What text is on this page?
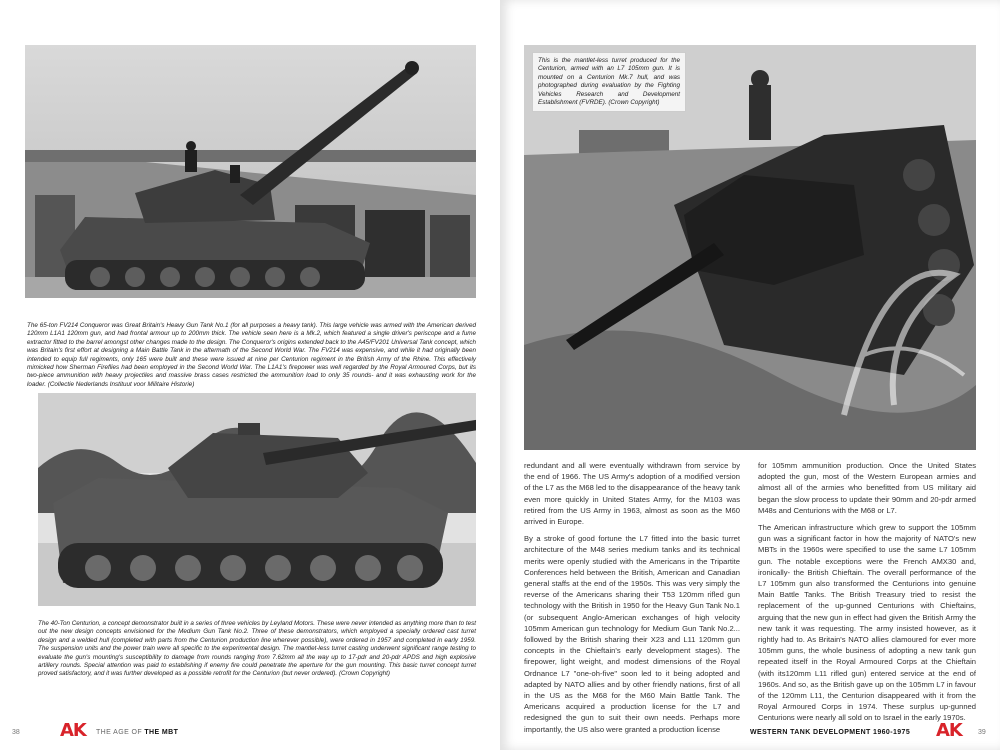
The 65-ton FV214 Conqueror was Great Britain's Heavy Gun Tank No.1 (for all purposes a heavy tank). This large vehicle was armed with the American derived 120mm L1A1 120mm gun, and had frontal armour up to 200mm thick. The vehicle seen here is a Mk.2, which featured a single driver's periscope and a fume extractor fitted to the barrel amongst other changes made to the design. The Conqueror's origins extended back to the A45/FV201 Universal Tank concept, which was Britain's first effort at designing a Main Battle Tank in the aftermath of the Second World War. The FV214 was expensive, and while it had originally been intended to equip full regiments, only 165 were built and these were issued at nine per Centurion regiment in the British Army of the Rhine. This effectively mimicked how Sherman Fireflies had been employed in the Second World War. The L1A1's firepower was well regarded by the Royal Armoured Corps, but its two-piece ammunition with heavy projectiles and massive brass cases restricted the ammunition load to only 35 rounds- and it was exhausting work for the loader. (Collectie Nederlands Instituut voor Militaire Historie)
The 40-Ton Centurion, a concept demonstrator built in a series of three vehicles by Leyland Motors. These were never intended as anything more than to test out the new design concepts envisioned for the Medium Gun Tank No.2. Three of these demonstrators, which employed a specially ordered cast turret design and a welded hull (completed with parts from the Centurion production line wherever possible), were ordered in 1957 and completed in early 1959. The suspension units and the power train were all specific to the experimental design. The mantlet-less turret casting underwent significant range testing to evaluate the gun's mounting's susceptibility to damage from rounds ranging from 7.62mm all the way up to 17-pdr and 20-pdr APDS and high explosive artillery rounds. Special attention was paid to establishing if enemy fire could penetrate the aperture for the gun mounting. This basic turret concept turret proved satisfactory, and it was further developed as a possible retrofit for the Centurion (but never ordered). (Crown Copyright)
38 AK THE AGE OF THE MBT
This is the mantlet-less turret produced for the Centurion, armed with an L7 105mm gun. It is mounted on a Centurion Mk.7 hull, and was photographed during evaluation by the Fighting Vehicles Research and Development Establishment (FVRDE). (Crown Copyright)

redundant and all were eventually withdrawn from service by the end of 1966. The US Army's adoption of a modified version of the L7 as the M68 led to the disappearance of the heavy tank even more quickly in United States Army, for the M103 was retired from the US Army in 1963, almost as soon as the M60 arrived in Europe.

By a stroke of good fortune the L7 fitted into the basic turret architecture of the M48 series medium tanks and its technical merits were openly studied with the Americans in the Tripartite Conferences held between the British, American and Canadian general staffs at the end of the 1950s. This was very simply the reverse of the Americans sharing their T53 120mm rifled gun technology with the British in 1950 for the Heavy Gun Tank No.1 (or subsequent Anglo-American exchanges of high velocity 105mm American gun technology for Medium Gun Tank No.2... followed by the British sharing their X23 and L11 120mm gun concepts in the Chieftain's early development stages). The firepower, light weight, and modest dimensions of the Royal Ordnance L7 "one-oh-five" soon led to it being adopted and adapted by NATO allies and by other friendly nations, first of all in the US as the M68 for the M60 Main Battle Tank. The Americans acquired a production license for the L7 and redesigned the gun to suit their own needs. Perhaps more importantly, the US also were granted a production license

for 105mm ammunition production. Once the United States adopted the gun, most of the Western European armies and almost all of the armies who benefitted from US military aid began the slow process to update their 90mm and 20-pdr armed M48s and Centurions with the M68 or L7.

The American infrastructure which grew to support the 105mm gun was a significant factor in how the majority of NATO's new MBTs in the 1960s were specified to use the same L7 105mm gun. The notable exceptions were the French AMX30 and, ironically- the British Chieftain. The overall performance of the L7 105mm gun also transformed the Centurions into genuine Main Battle Tanks. The British Treasury tried to resist the replacement of the up-gunned Centurions with Chieftains, arguing that the new gun in effect had given the British Army the new tank it was requesting. The army insisted however, as it rightly had to. As Britain's NATO allies clamoured for ever more 105mm guns, the whole business of adopting a new tank gun repeated itself in the Royal Armoured Corps at the Chieftain (with its120mm L11 rifled gun) entered service at the end of 1960s. And so, as the British gave up on the 105mm L7 in favour of the 120mm L11, the Centurion disappeared with it from the Royal Armoured Corps in 1974. These surplus up-gunned Centurions were nearly all sold on to Israel in the early 1970s.

WESTERN TANK DEVELOPMENT 1960-1975 AK 39
